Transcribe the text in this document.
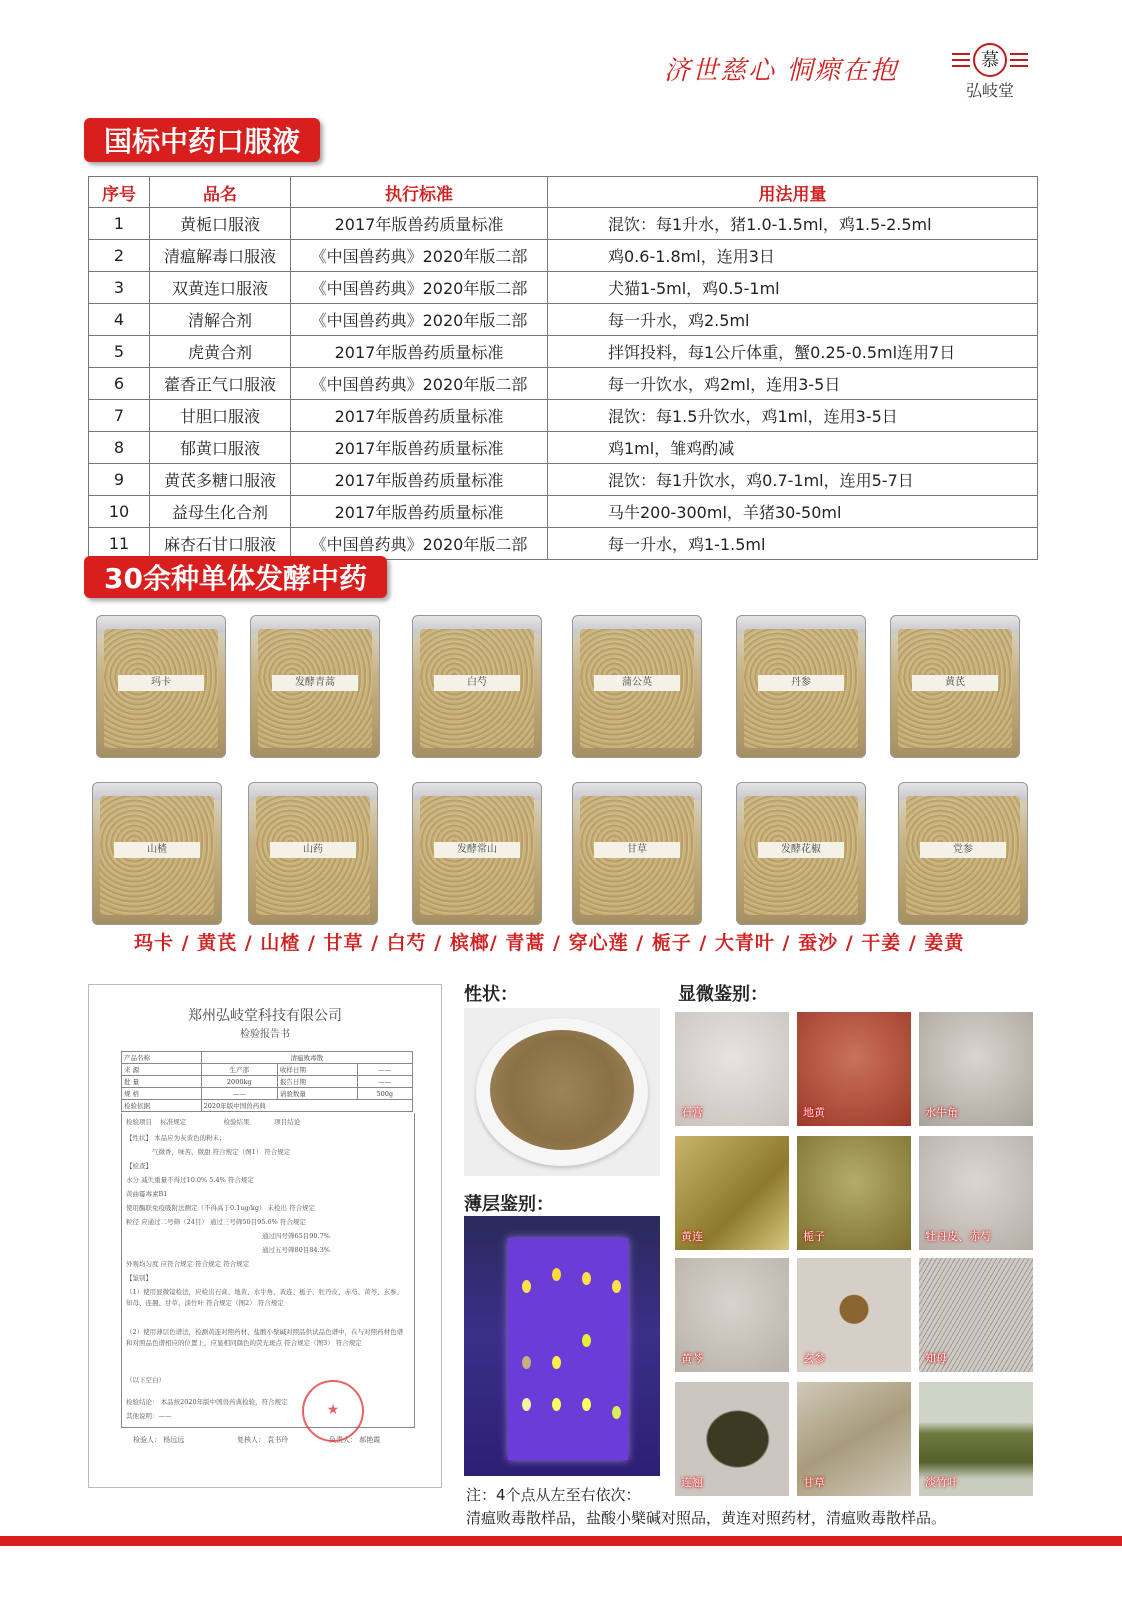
济世慈心 恫瘝在抱	慕
弘岐堂
国标中药口服液
序号	品名	执行标准	用法用量
1	黄栀口服液	2017年版兽药质量标准	混饮：每1升水，猪1.0-1.5ml，鸡1.5-2.5ml
2	清瘟解毒口服液	《中国兽药典》2020年版二部	鸡0.6-1.8ml，连用3日
3	双黄连口服液	《中国兽药典》2020年版二部	犬猫1-5ml，鸡0.5-1ml
4	清解合剂	《中国兽药典》2020年版二部	每一升水，鸡2.5ml
5	虎黄合剂	2017年版兽药质量标准	拌饵投料，每1公斤体重，蟹0.25-0.5ml连用7日
6	藿香正气口服液	《中国兽药典》2020年版二部	每一升饮水，鸡2ml，连用3-5日
7	甘胆口服液	2017年版兽药质量标准	混饮：每1.5升饮水，鸡1ml，连用3-5日
8	郁黄口服液	2017年版兽药质量标准	鸡1ml，雏鸡酌减
9	黄芪多糖口服液	2017年版兽药质量标准	混饮：每1升饮水，鸡0.7-1ml，连用5-7日
10	益母生化合剂	2017年版兽药质量标准	马牛200-300ml，羊猪30-50ml
11	麻杏石甘口服液	《中国兽药典》2020年版二部	每一升水，鸡1-1.5ml
30余种单体发酵中药
玛卡	发酵青蒿	白芍	蒲公英	丹参	黄芪
山楂	山药	发酵常山	甘草	发酵花椒	党参
玛卡 / 黄芪 / 山楂 / 甘草 / 白芍 / 槟榔/ 青蒿 / 穿心莲 / 栀子 / 大青叶 / 蚕沙 / 干姜 / 姜黄
郑州弘岐堂科技有限公司
检验报告书
产品名称	清瘟败毒散		
来 源	生产部	收样日期	——
批 量	2000kg	报告日期	——
规 格	——	请验数量	500g
检验依据	2020年版中国兽药典		
检验项目 标准规定	检验结果	项目结论
【性状】 本品应为灰黄色的粉末；
气微香，味苦、微甜 符合规定（图1） 符合规定
【检查】
水分 减失重量不得过10.0% 5.4% 符合规定
黄曲霉毒素B1
使用酶联免疫吸附法测定（不得高于0.1ug/kg） 未检出 符合规定
粒径 应通过二号筛（24目） 通过三号筛50目95.6% 符合规定
通过四号筛65目90.7%
通过五号筛80目84.3%
外观均匀度 应符合规定 符合规定 符合规定
【鉴别】
（1）使用显微镜检法，应检出石膏、地黄、水牛角、黄连、栀子、牡丹皮、赤芍、黄芩、玄参、知母、连翘、甘草、淡竹叶 符合规定（图2） 符合规定
（2）使用薄层色谱法，检测黄连对照药材、盐酸小檗碱对照品供试品色谱中，在与对照药材色谱和对照品色谱相应的位置上，应显相同颜色的荧光斑点 符合规定（图3） 符合规定
（以下空白）
检验结论： 本品按2020年版中国兽药典检验，符合规定
其他说明：——
检验人： 杨远远	复核人： 袁书玲	负责人： 郝艳霞
★
性状：
薄层鉴别：
显微鉴别：
石膏	地黄	水牛角
黄连	栀子	牡丹皮、赤芍
黄芩	玄参	知母
连翘	甘草	淡竹叶
注：4个点从左至右依次：
清瘟败毒散样品，盐酸小檗碱对照品，黄连对照药材，清瘟败毒散样品。
